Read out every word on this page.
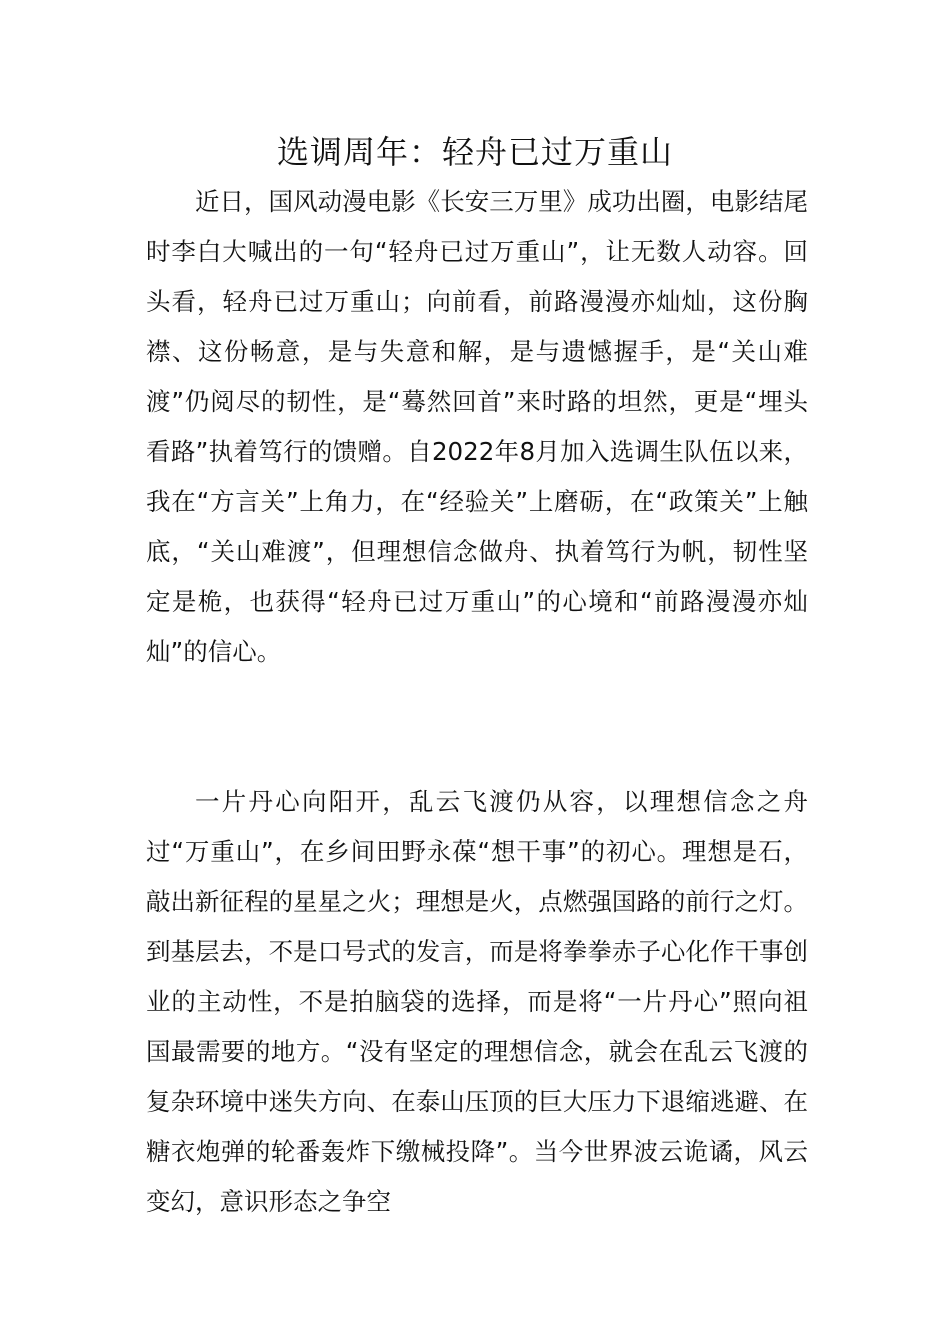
选调周年：轻舟已过万重山

近日，国风动漫电影《长安三万里》成功出圈，电影结尾时李白大喊出的一句“轻舟已过万重山”，让无数人动容。回头看，轻舟已过万重山；向前看，前路漫漫亦灿灿，这份胸襟、这份畅意，是与失意和解，是与遗憾握手，是“关山难渡”仍阅尽的韧性，是“蓦然回首”来时路的坦然，更是“埋头看路”执着笃行的馈赠。自2022年8月加入选调生队伍以来，我在“方言关”上角力，在“经验关”上磨砺，在“政策关”上触底，“关山难渡”，但理想信念做舟、执着笃行为帆，韧性坚定是桅，也获得“轻舟已过万重山”的心境和“前路漫漫亦灿灿”的信心。

一片丹心向阳开，乱云飞渡仍从容，以理想信念之舟过“万重山”，在乡间田野永葆“想干事”的初心。理想是石，敲出新征程的星星之火；理想是火，点燃强国路的前行之灯。到基层去，不是口号式的发言，而是将拳拳赤子心化作干事创业的主动性，不是拍脑袋的选择，而是将“一片丹心”照向祖国最需要的地方。“没有坚定的理想信念，就会在乱云飞渡的复杂环境中迷失方向、在泰山压顶的巨大压力下退缩逃避、在糖衣炮弹的轮番轰炸下缴械投降”。当今世界波云诡谲，风云变幻，意识形态之争空
